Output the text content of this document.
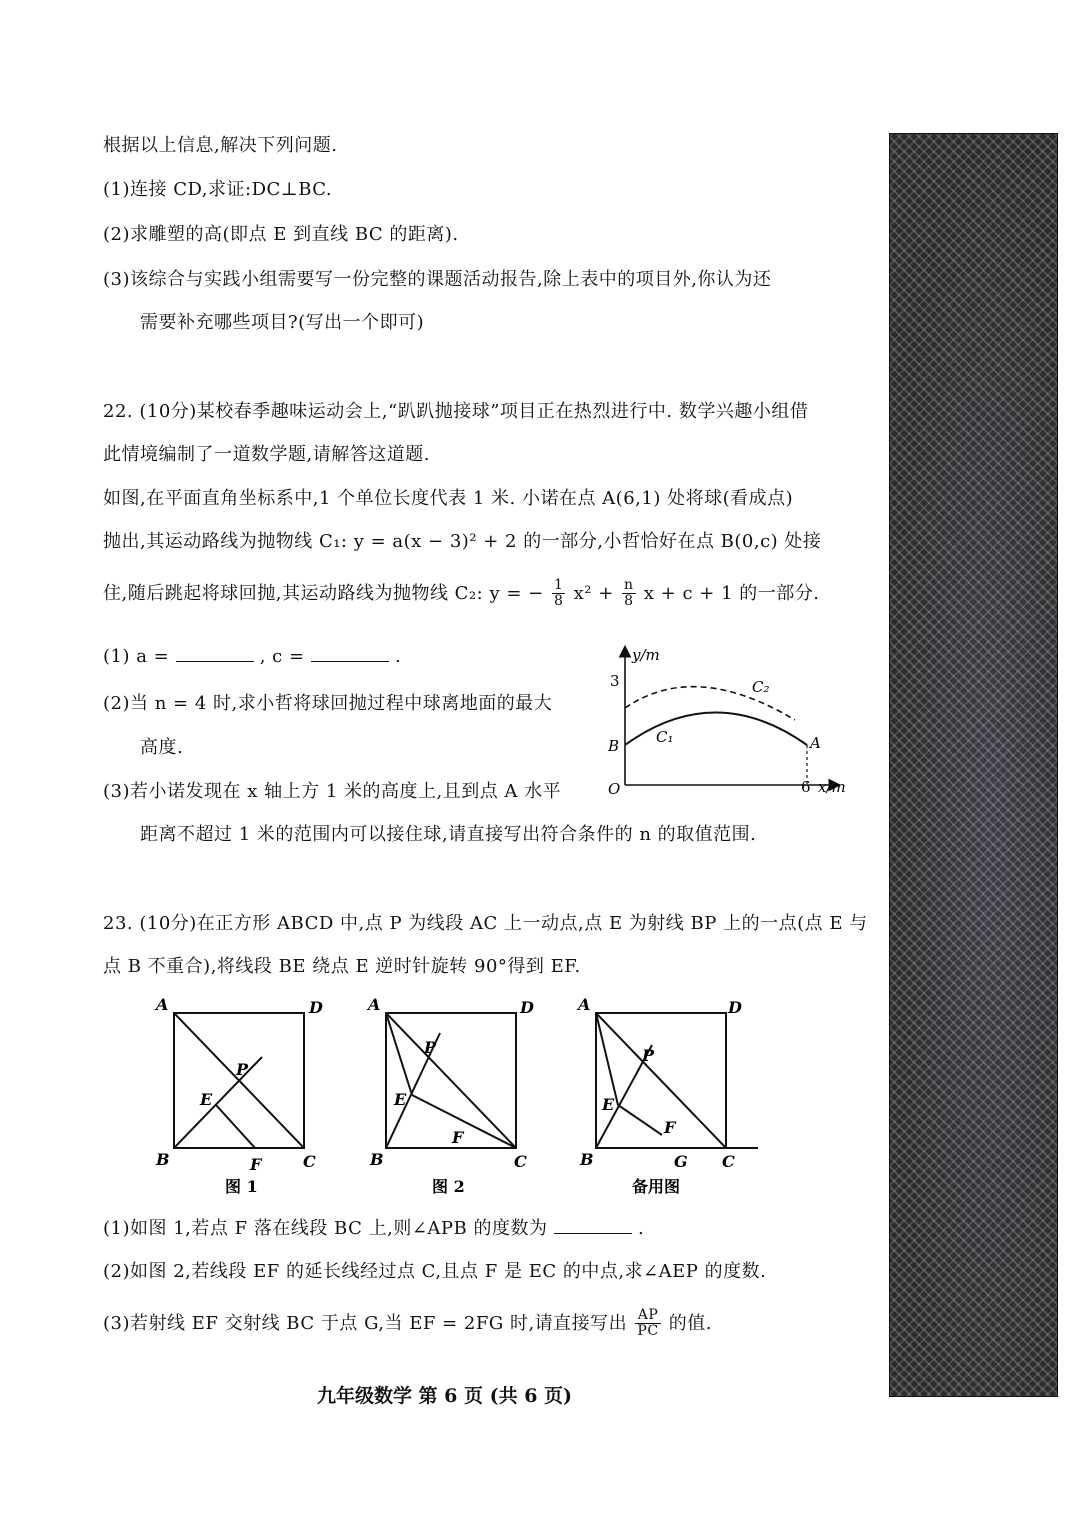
根据以上信息,解决下列问题.
(1)连接 CD,求证:DC⊥BC.
(2)求雕塑的高(即点 E 到直线 BC 的距离).
(3)该综合与实践小组需要写一份完整的课题活动报告,除上表中的项目外,你认为还
需要补充哪些项目?(写出一个即可)
22. (10分)某校春季趣味运动会上,“趴趴抛接球”项目正在热烈进行中. 数学兴趣小组借
此情境编制了一道数学题,请解答这道题.
如图,在平面直角坐标系中,1 个单位长度代表 1 米. 小诺在点 A(6,1) 处将球(看成点)
抛出,其运动路线为抛物线 C₁: y = a(x − 3)² + 2 的一部分,小哲恰好在点 B(0,c) 处接
住,随后跳起将球回抛,其运动路线为抛物线 C₂: y = − $\frac{1}{8} x^2 + \frac{n}{8}$ x + c + 1 的一部分.
(1) a =	, c =	.
(2)当 n = 4 时,求小哲将球回抛过程中球离地面的最大
高度.
(3)若小诺发现在 x 轴上方 1 米的高度上,且到点 A 水平
距离不超过 1 米的范围内可以接住球,请直接写出符合条件的 n 的取值范围.
y/m
x/m
3
6
O
B	A
C₁
C₂
23. (10分)在正方形 ABCD 中,点 P 为线段 AC 上一动点,点 E 为射线 BP 上的一点(点 E 与
点 B 不重合),将线段 BE 绕点 E 逆时针旋转 90°得到 EF.
A	D
B	C
P
E
F
图 1
A	D
B	C
P
E
F
图 2
A	D
B	C
G
P
E
F
备用图
(1)如图 1,若点 F 落在线段 BC 上,则∠APB 的度数为	.
(2)如图 2,若线段 EF 的延长线经过点 C,且点 F 是 EC 的中点,求∠AEP 的度数.
(3)若射线 EF 交射线 BC 于点 G,当 EF = 2FG 时,请直接写出 $\frac{AP}{PC}$ 的值.
九年级数学 第 6 页 (共 6 页)
